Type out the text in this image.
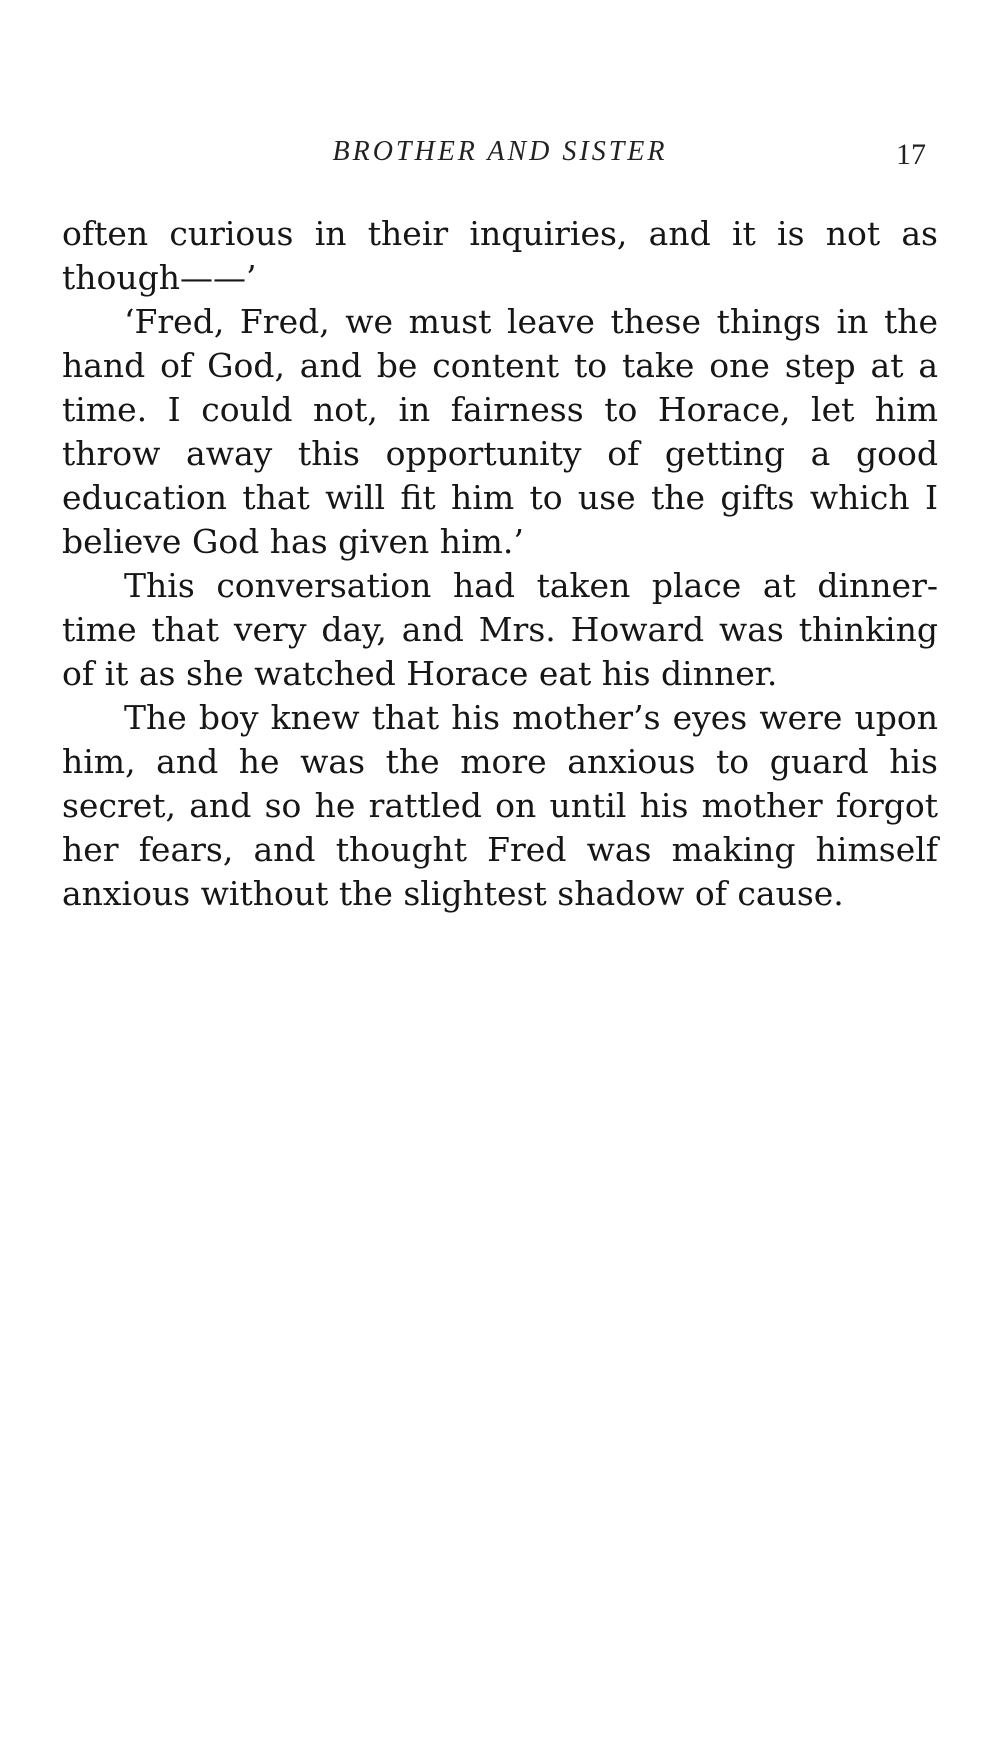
BROTHER AND SISTER	17

often curious in their inquiries, and it is not as though——’

‘Fred, Fred, we must leave these things in the hand of God, and be content to take one step at a time. I could not, in fairness to Horace, let him throw away this opportunity of getting a good education that will fit him to use the gifts which I believe God has given him.’

This conversation had taken place at dinner-time that very day, and Mrs. Howard was thinking of it as she watched Horace eat his dinner.

The boy knew that his mother’s eyes were upon him, and he was the more anxious to guard his secret, and so he rattled on until his mother forgot her fears, and thought Fred was making himself anxious without the slightest shadow of cause.
